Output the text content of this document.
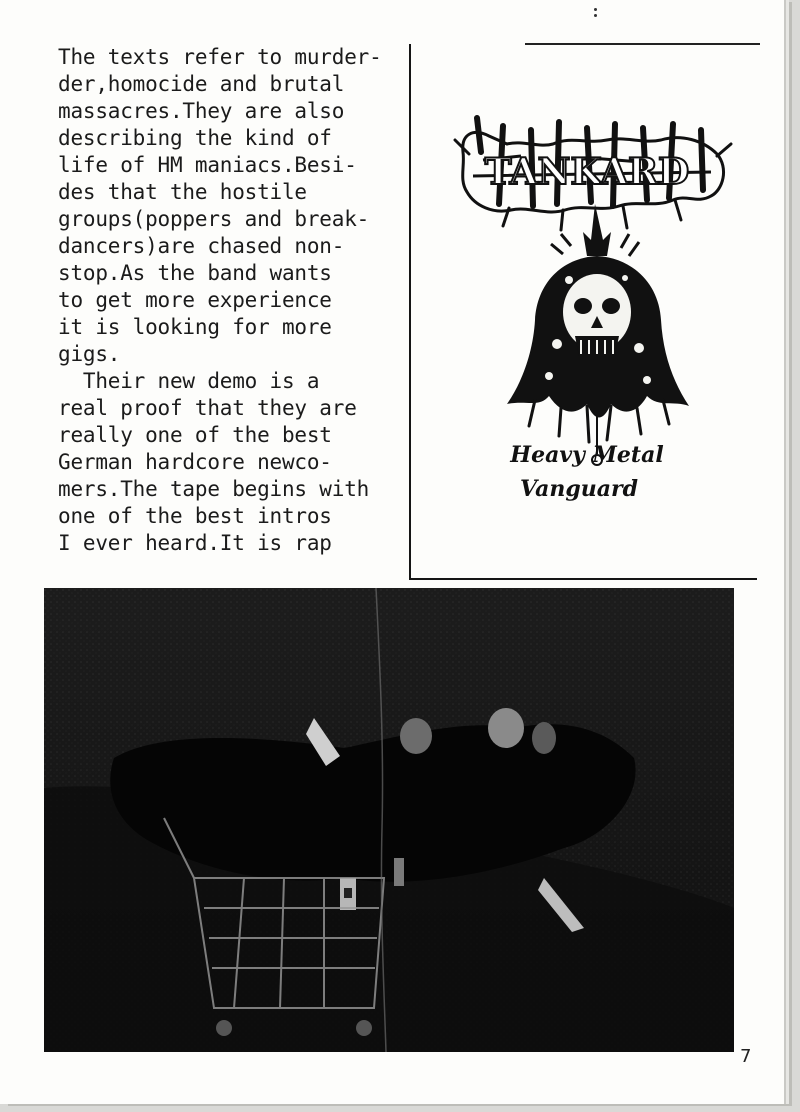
The texts refer to murder-
der,homocide and brutal
massacres.They are also
describing the kind of
life of HM maniacs.Besi-
des that the hostile
groups(poppers and break-
dancers)are chased non-
stop.As the band wants
to get more experience
it is looking for more
gigs.
Their new demo is a
real proof that they are
really one of the best
German hardcore newco-
mers.The tape begins with
one of the best intros
I ever heard.It is rap
TANKARD
Heavy Metal
Vanguard
7
